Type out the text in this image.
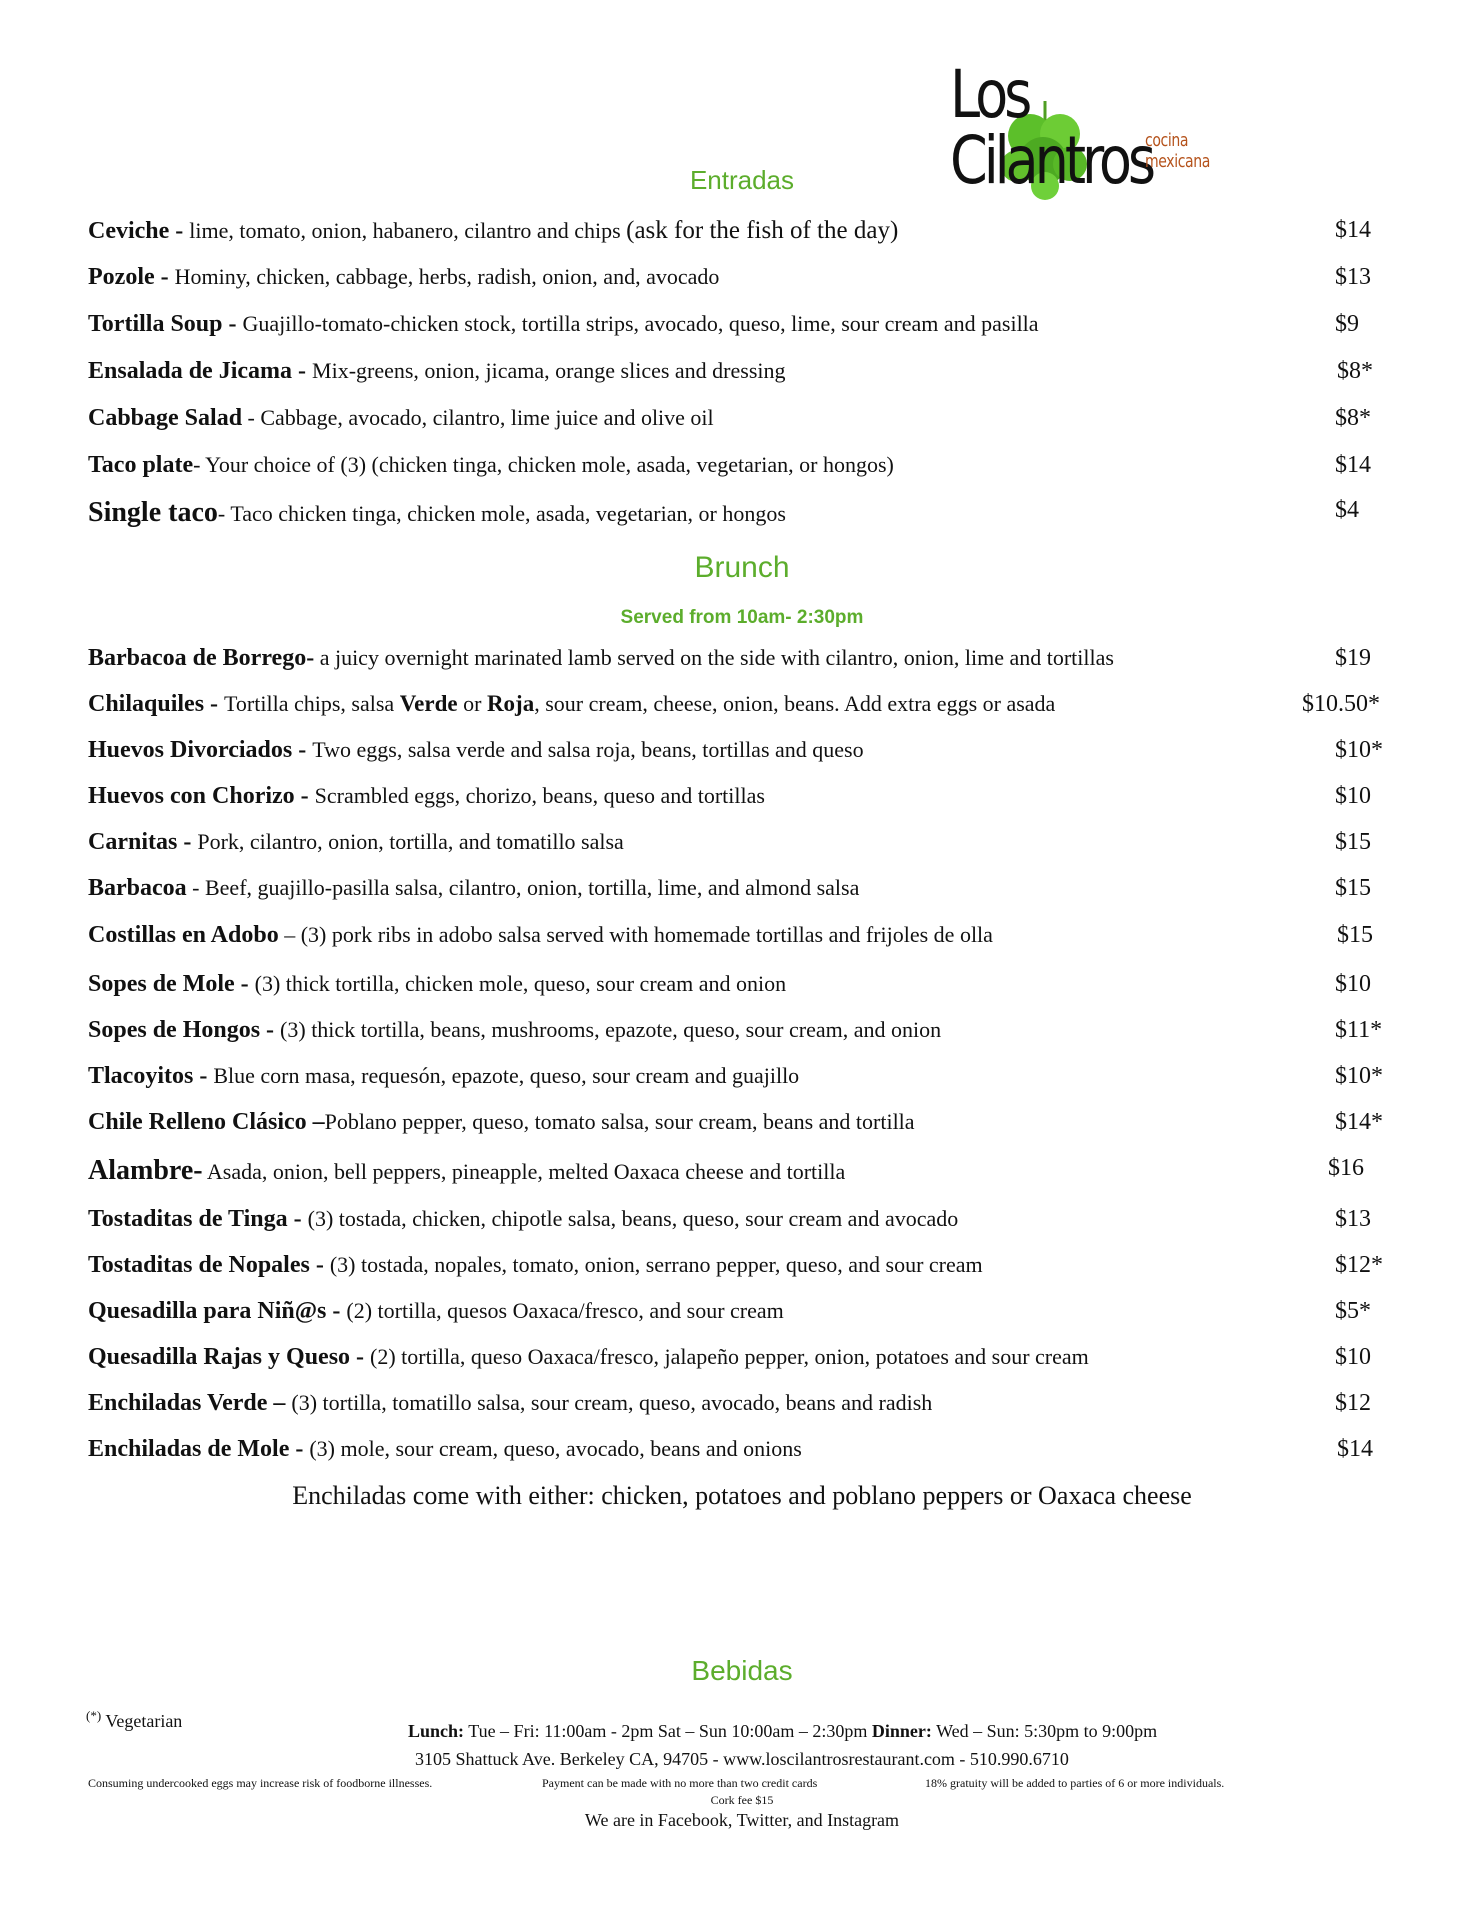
Los Cilantros
cocina mexicana
Entradas
Ceviche - lime, tomato, onion, habanero, cilantro and chips (ask for the fish of the day)	$14
Pozole - Hominy, chicken, cabbage, herbs, radish, onion, and, avocado	$13
Tortilla Soup - Guajillo-tomato-chicken stock, tortilla strips, avocado, queso, lime, sour cream and pasilla	$9
Ensalada de Jicama - Mix-greens, onion, jicama, orange slices and dressing	$8*
Cabbage Salad - Cabbage, avocado, cilantro, lime juice and olive oil	$8*
Taco plate- Your choice of (3) (chicken tinga, chicken mole, asada, vegetarian, or hongos)	$14
Single taco- Taco chicken tinga, chicken mole, asada, vegetarian, or hongos	$4
Brunch
Served from 10am- 2:30pm
Barbacoa de Borrego- a juicy overnight marinated lamb served on the side with cilantro, onion, lime and tortillas	$19
Chilaquiles - Tortilla chips, salsa Verde or Roja, sour cream, cheese, onion, beans. Add extra eggs or asada	$10.50*
Huevos Divorciados - Two eggs, salsa verde and salsa roja, beans, tortillas and queso	$10*
Huevos con Chorizo - Scrambled eggs, chorizo, beans, queso and tortillas	$10
Carnitas - Pork, cilantro, onion, tortilla, and tomatillo salsa	$15
Barbacoa - Beef, guajillo-pasilla salsa, cilantro, onion, tortilla, lime, and almond salsa	$15
Costillas en Adobo – (3) pork ribs in adobo salsa served with homemade tortillas and frijoles de olla	$15
Sopes de Mole - (3) thick tortilla, chicken mole, queso, sour cream and onion	$10
Sopes de Hongos - (3) thick tortilla, beans, mushrooms, epazote, queso, sour cream, and onion	$11*
Tlacoyitos - Blue corn masa, requesón, epazote, queso, sour cream and guajillo	$10*
Chile Relleno Clásico –Poblano pepper, queso, tomato salsa, sour cream, beans and tortilla	$14*
Alambre- Asada, onion, bell peppers, pineapple, melted Oaxaca cheese and tortilla	$16
Tostaditas de Tinga - (3) tostada, chicken, chipotle salsa, beans, queso, sour cream and avocado	$13
Tostaditas de Nopales - (3) tostada, nopales, tomato, onion, serrano pepper, queso, and sour cream	$12*
Quesadilla para Niñ@s - (2) tortilla, quesos Oaxaca/fresco, and sour cream	$5*
Quesadilla Rajas y Queso - (2) tortilla, queso Oaxaca/fresco, jalapeño pepper, onion, potatoes and sour cream	$10
Enchiladas Verde – (3) tortilla, tomatillo salsa, sour cream, queso, avocado, beans and radish	$12
Enchiladas de Mole - (3) mole, sour cream, queso, avocado, beans and onions	$14
Enchiladas come with either: chicken, potatoes and poblano peppers or Oaxaca cheese
Bebidas
(*) Vegetarian	Lunch: Tue – Fri: 11:00am - 2pm Sat – Sun 10:00am – 2:30pm Dinner: Wed – Sun: 5:30pm to 9:00pm
3105 Shattuck Ave. Berkeley CA, 94705 - www.loscilantrosrestaurant.com - 510.990.6710
Consuming undercooked eggs may increase risk of foodborne illnesses.	Payment can be made with no more than two credit cards	18% gratuity will be added to parties of 6 or more individuals.
Cork fee $15
We are in Facebook, Twitter, and Instagram
